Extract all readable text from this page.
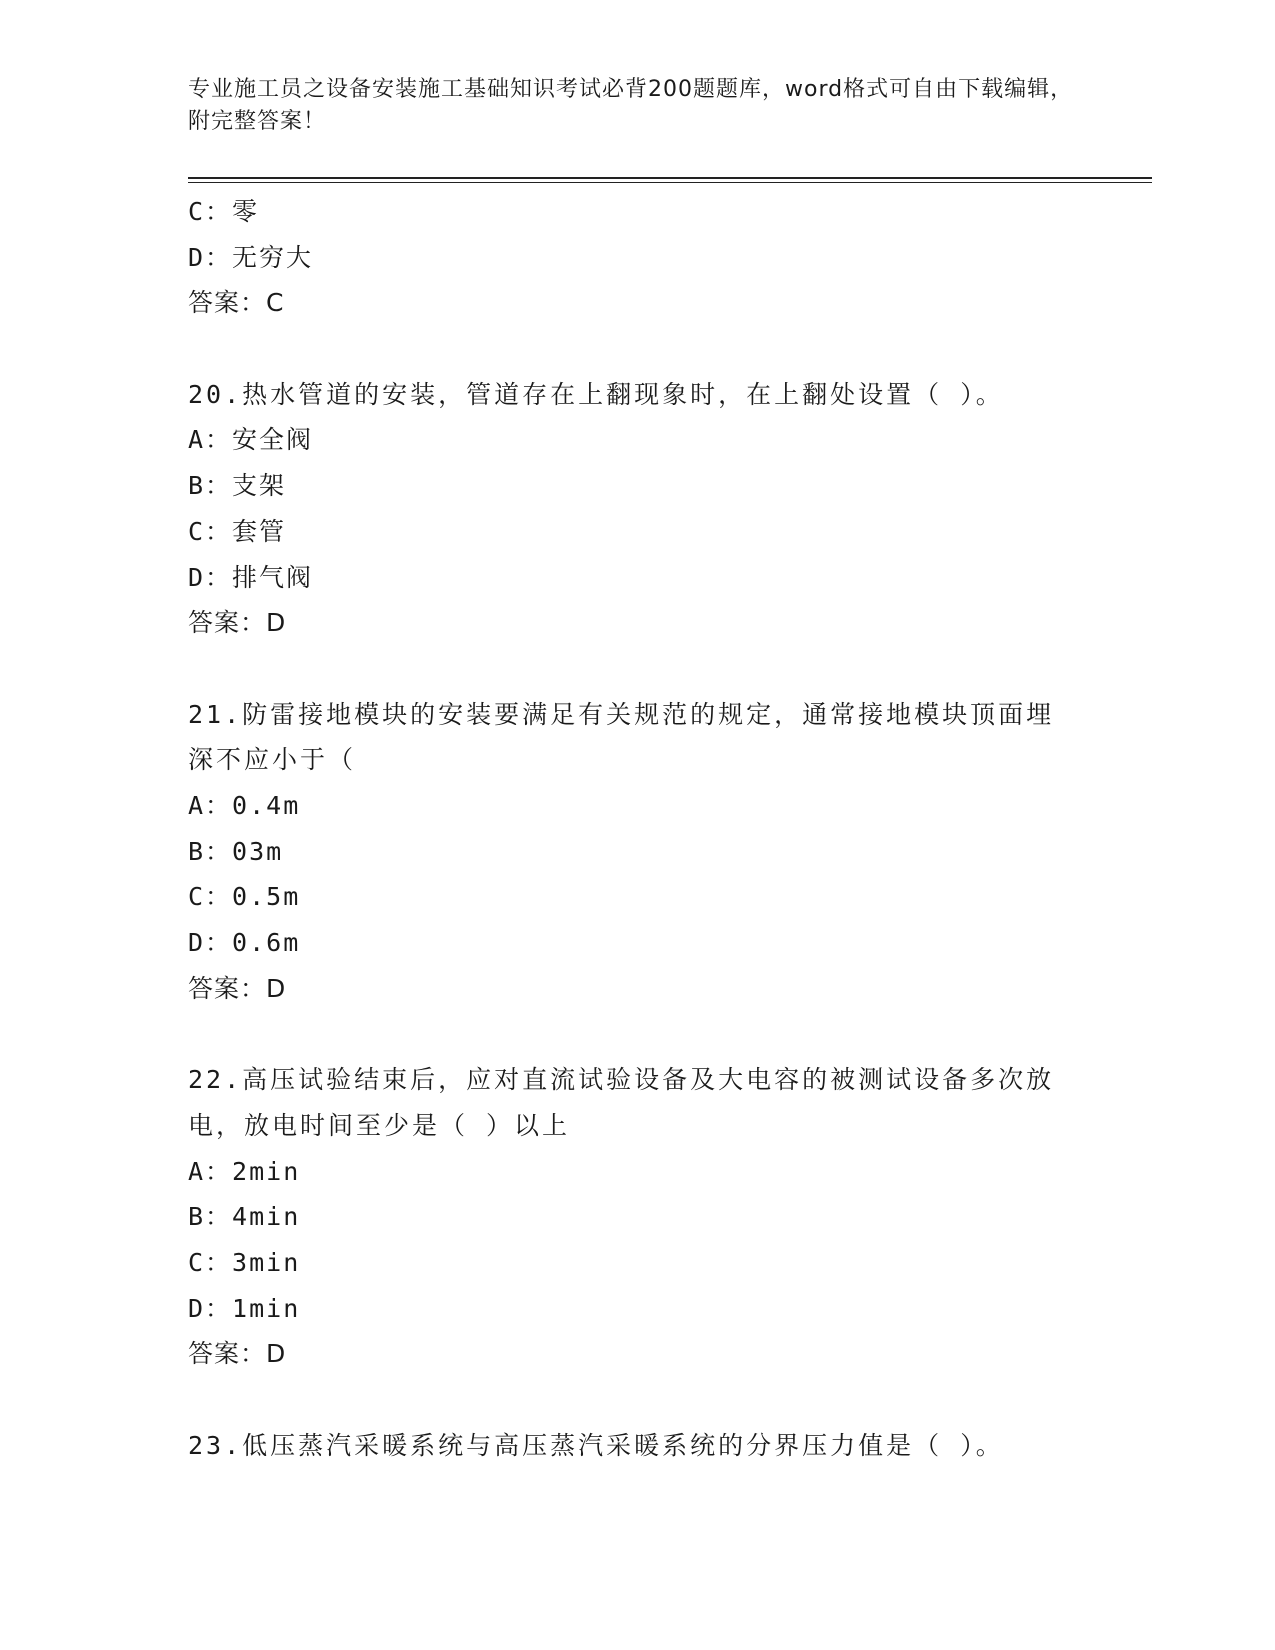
专业施工员之设备安装施工基础知识考试必背200题题库，word格式可自由下载编辑，附完整答案！
C：零
D：无穷大
答案：C
20.热水管道的安装，管道存在上翻现象时，在上翻处设置（ ）。
A：安全阀
B：支架
C：套管
D：排气阀
答案：D
21.防雷接地模块的安装要满足有关规范的规定，通常接地模块顶面埋深不应小于（
A：0.4m
B：03m
C：0.5m
D：0.6m
答案：D
22.高压试验结束后，应对直流试验设备及大电容的被测试设备多次放电，放电时间至少是（ ）以上
A：2min
B：4min
C：3min
D：1min
答案：D
23.低压蒸汽采暖系统与高压蒸汽采暖系统的分界压力值是（ ）。
